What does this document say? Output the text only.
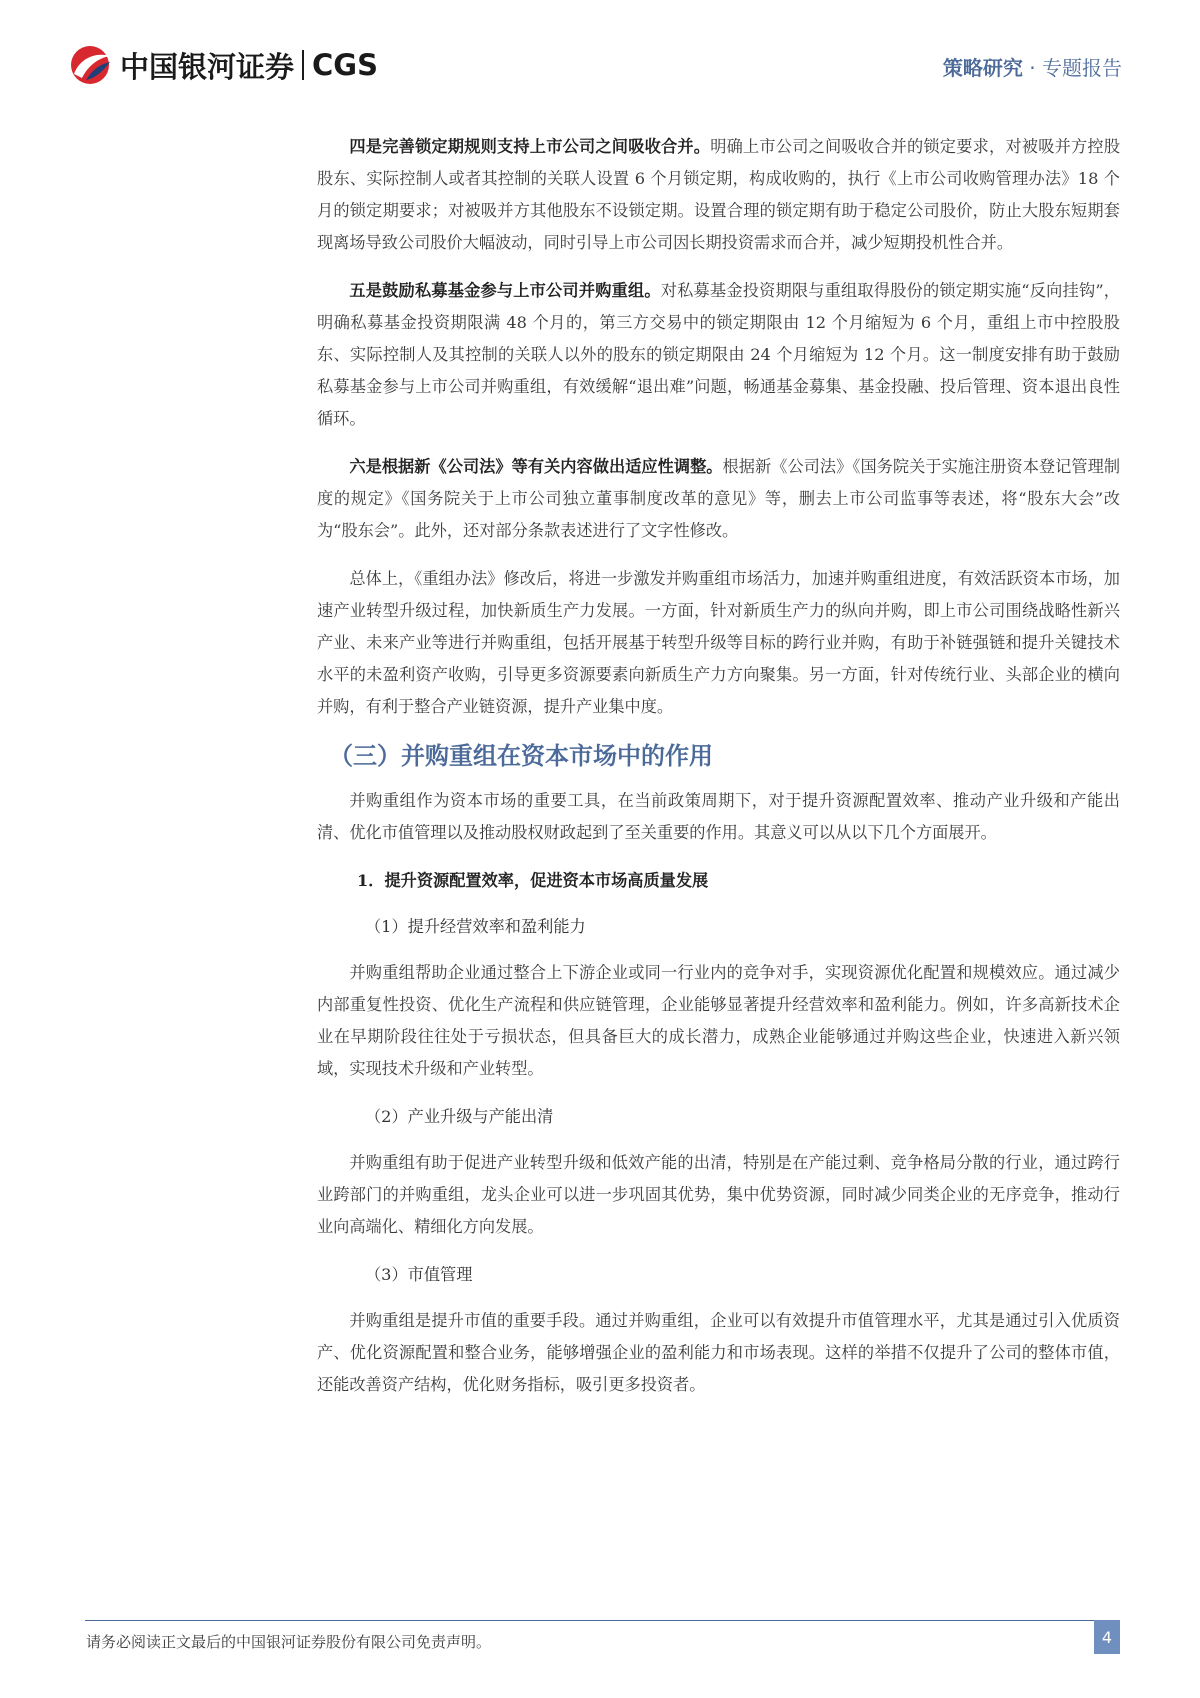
中国银河证券 CGS	策略研究 · 专题报告

四是完善锁定期规则支持上市公司之间吸收合并。明确上市公司之间吸收合并的锁定要求，对被吸并方控股股东、实际控制人或者其控制的关联人设置 6 个月锁定期，构成收购的，执行《上市公司收购管理办法》18 个月的锁定期要求；对被吸并方其他股东不设锁定期。设置合理的锁定期有助于稳定公司股价，防止大股东短期套现离场导致公司股价大幅波动，同时引导上市公司因长期投资需求而合并，减少短期投机性合并。

五是鼓励私募基金参与上市公司并购重组。对私募基金投资期限与重组取得股份的锁定期实施“反向挂钩”，明确私募基金投资期限满 48 个月的，第三方交易中的锁定期限由 12 个月缩短为 6 个月，重组上市中控股股东、实际控制人及其控制的关联人以外的股东的锁定期限由 24 个月缩短为 12 个月。这一制度安排有助于鼓励私募基金参与上市公司并购重组，有效缓解“退出难”问题，畅通基金募集、基金投融、投后管理、资本退出良性循环。

六是根据新《公司法》等有关内容做出适应性调整。根据新《公司法》《国务院关于实施注册资本登记管理制度的规定》《国务院关于上市公司独立董事制度改革的意见》等，删去上市公司监事等表述，将“股东大会”改为“股东会”。此外，还对部分条款表述进行了文字性修改。

总体上，《重组办法》修改后，将进一步激发并购重组市场活力，加速并购重组进度，有效活跃资本市场，加速产业转型升级过程，加快新质生产力发展。一方面，针对新质生产力的纵向并购，即上市公司围绕战略性新兴产业、未来产业等进行并购重组，包括开展基于转型升级等目标的跨行业并购，有助于补链强链和提升关键技术水平的未盈利资产收购，引导更多资源要素向新质生产力方向聚集。另一方面，针对传统行业、头部企业的横向并购，有利于整合产业链资源，提升产业集中度。

（三）并购重组在资本市场中的作用

并购重组作为资本市场的重要工具，在当前政策周期下，对于提升资源配置效率、推动产业升级和产能出清、优化市值管理以及推动股权财政起到了至关重要的作用。其意义可以从以下几个方面展开。

1．提升资源配置效率，促进资本市场高质量发展
（1）提升经营效率和盈利能力

并购重组帮助企业通过整合上下游企业或同一行业内的竞争对手，实现资源优化配置和规模效应。通过减少内部重复性投资、优化生产流程和供应链管理，企业能够显著提升经营效率和盈利能力。例如，许多高新技术企业在早期阶段往往处于亏损状态，但具备巨大的成长潜力，成熟企业能够通过并购这些企业，快速进入新兴领域，实现技术升级和产业转型。

（2）产业升级与产能出清

并购重组有助于促进产业转型升级和低效产能的出清，特别是在产能过剩、竞争格局分散的行业，通过跨行业跨部门的并购重组，龙头企业可以进一步巩固其优势，集中优势资源，同时减少同类企业的无序竞争，推动行业向高端化、精细化方向发展。

（3）市值管理

并购重组是提升市值的重要手段。通过并购重组，企业可以有效提升市值管理水平，尤其是通过引入优质资产、优化资源配置和整合业务，能够增强企业的盈利能力和市场表现。这样的举措不仅提升了公司的整体市值，还能改善资产结构，优化财务指标，吸引更多投资者。

请务必阅读正文最后的中国银河证券股份有限公司免责声明。	4
